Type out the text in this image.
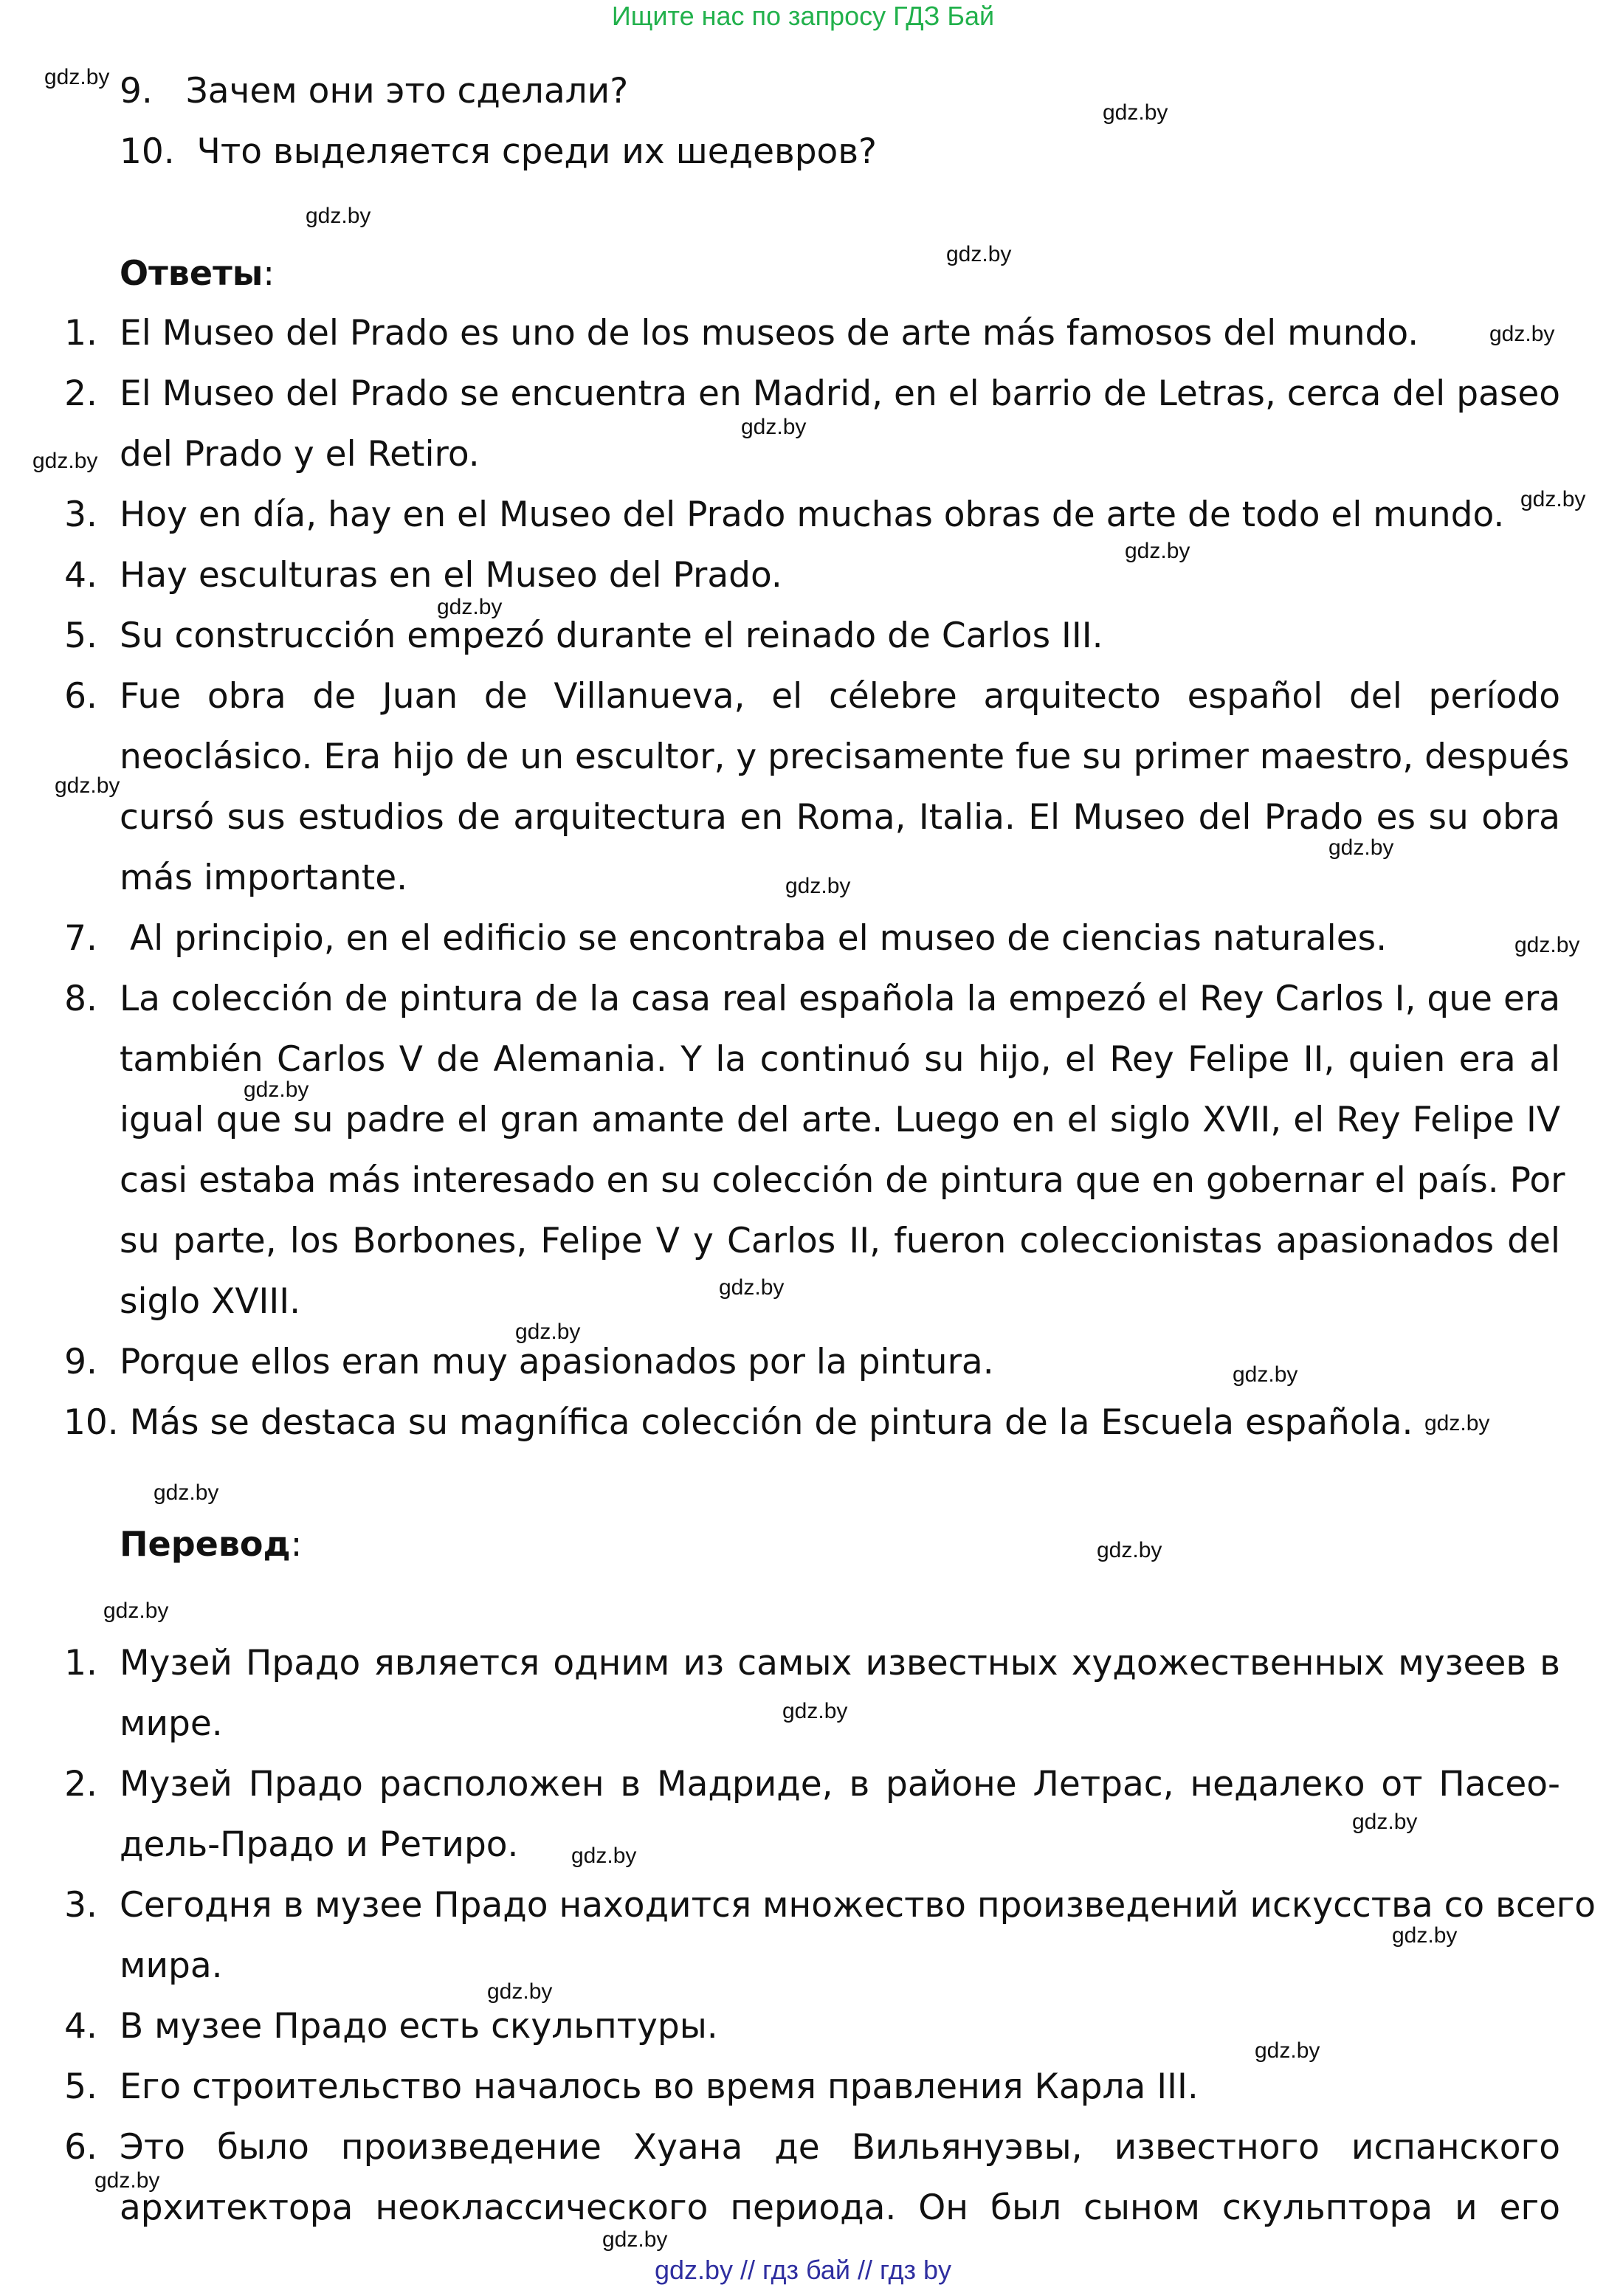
Ищите нас по запросу ГДЗ Бай
9. Зачем они это сделали?
10. Что выделяется среди их шедевров?
Ответы:
1. El Museo del Prado es uno de los museos de arte más famosos del mundo.
2. El Museo del Prado se encuentra en Madrid, en el barrio de Letras, cerca del paseo
del Prado y el Retiro.
3. Hoy en día, hay en el Museo del Prado muchas obras de arte de todo el mundo.
4. Hay esculturas en el Museo del Prado.
5. Su construcción empezó durante el reinado de Carlos III.
6. Fue obra de Juan de Villanueva, el célebre arquitecto español del período
neoclásico. Era hijo de un escultor, y precisamente fue su primer maestro, después
cursó sus estudios de arquitectura en Roma, Italia. El Museo del Prado es su obra
más importante.
7. Al principio, en el edificio se encontraba el museo de ciencias naturales.
8. La colección de pintura de la casa real española la empezó el Rey Carlos I, que era
también Carlos V de Alemania. Y la continuó su hijo, el Rey Felipe II, quien era al
igual que su padre el gran amante del arte. Luego en el siglo XVII, el Rey Felipe IV
casi estaba más interesado en su colección de pintura que en gobernar el país. Por
su parte, los Borbones, Felipe V y Carlos II, fueron coleccionistas apasionados del
siglo XVIII.
9. Porque ellos eran muy apasionados por la pintura.
10. Más se destaca su magnífica colección de pintura de la Escuela española.
Перевод:
1. Музей Прадо является одним из самых известных художественных музеев в
мире.
2. Музей Прадо расположен в Мадриде, в районе Летрас, недалеко от Пасео-
дель-Прадо и Ретиро.
3. Сегодня в музее Прадо находится множество произведений искусства со всего
мира.
4. В музее Прадо есть скульптуры.
5. Его строительство началось во время правления Карла III.
6. Это было произведение Хуана де Вильянуэвы, известного испанского
архитектора неоклассического периода. Он был сыном скульптора и его
gdz.by
gdz.by
gdz.by
gdz.by
gdz.by
gdz.by
gdz.by
gdz.by
gdz.by
gdz.by
gdz.by
gdz.by
gdz.by
gdz.by
gdz.by
gdz.by
gdz.by
gdz.by
gdz.by
gdz.by
gdz.by
gdz.by
gdz.by
gdz.by
gdz.by
gdz.by
gdz.by
gdz.by
gdz.by
gdz.by
gdz.by // гдз бай // гдз by
